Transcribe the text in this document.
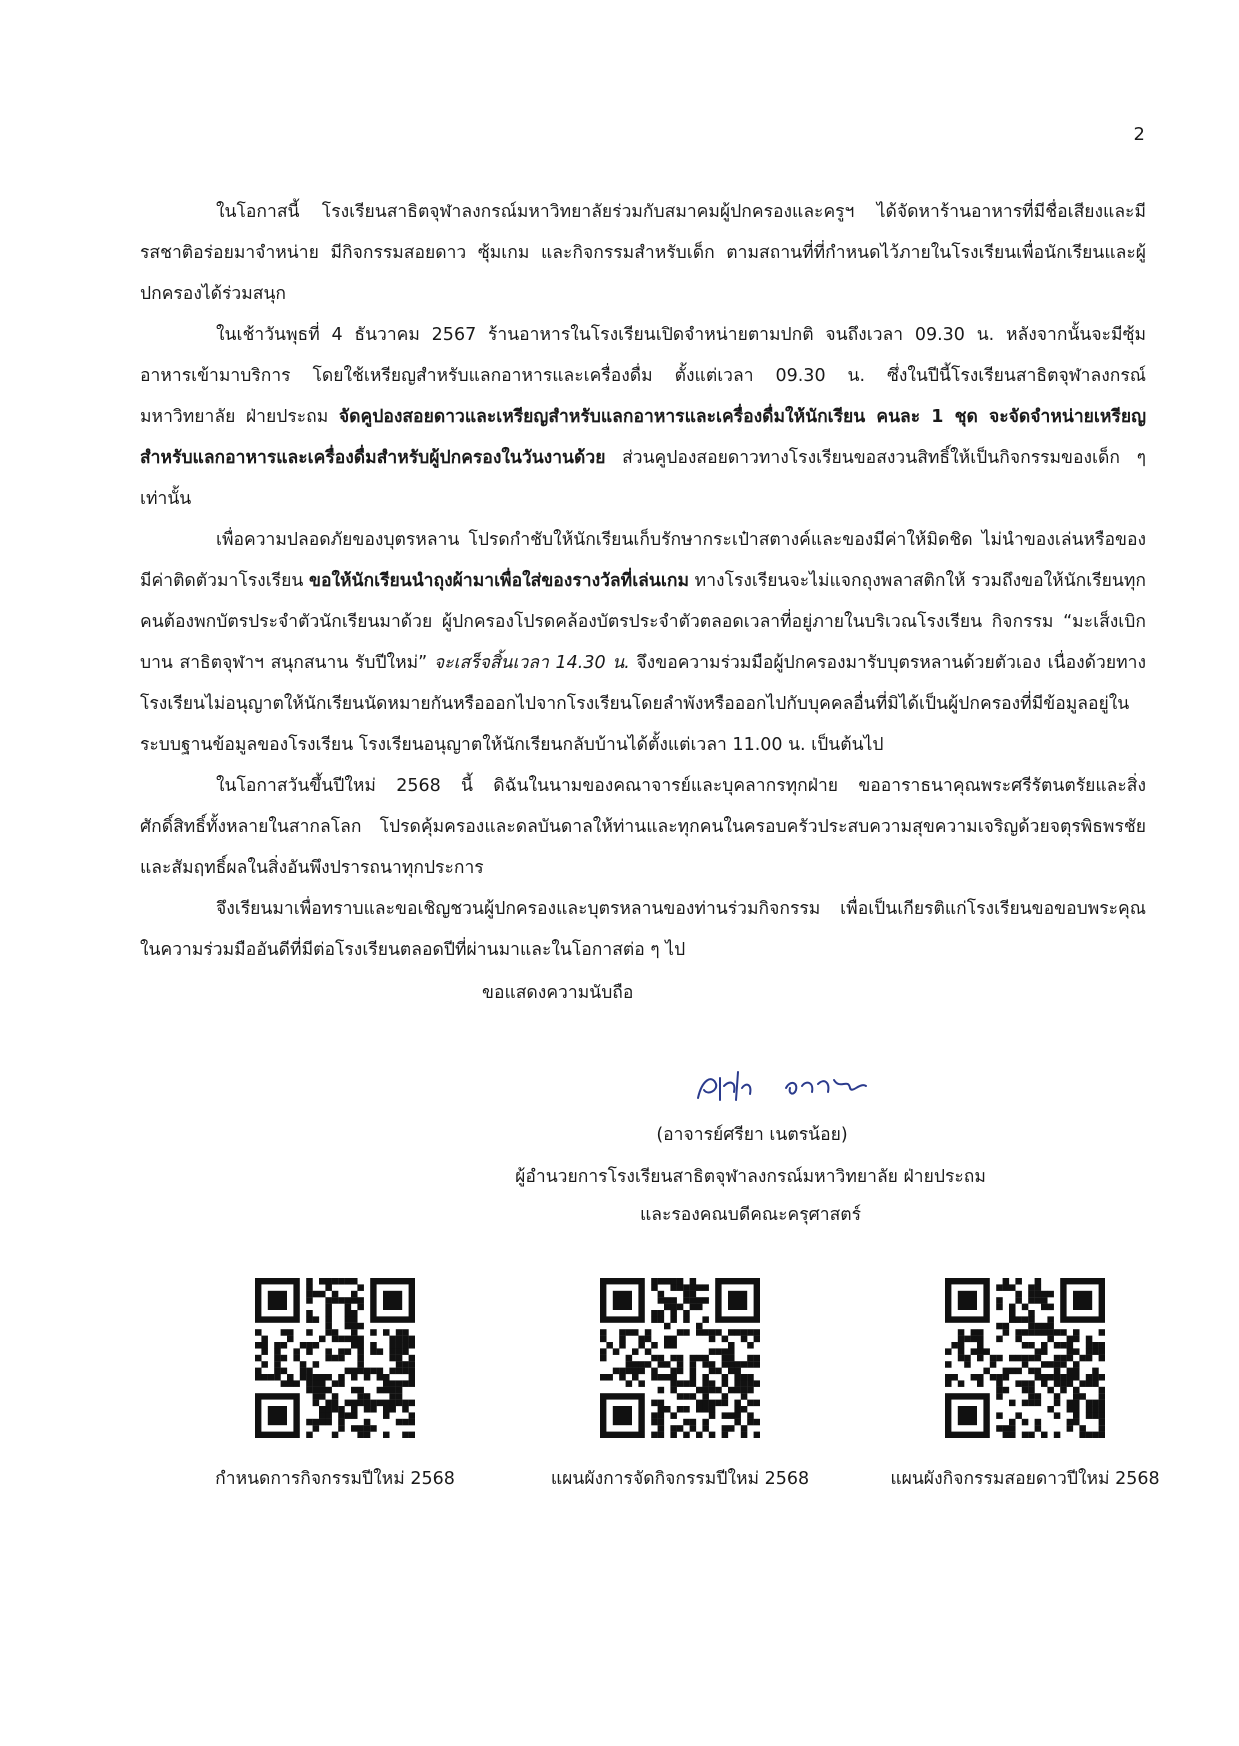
2

ในโอกาสนี้ โรงเรียนสาธิตจุฬาลงกรณ์มหาวิทยาลัยร่วมกับสมาคมผู้ปกครองและครูฯ ได้จัดหาร้านอาหารที่มีชื่อเสียงและมีรสชาติอร่อยมาจำหน่าย มีกิจกรรมสอยดาว ซุ้มเกม และกิจกรรมสำหรับเด็ก ตามสถานที่ที่กำหนดไว้ภายในโรงเรียนเพื่อนักเรียนและผู้ปกครองได้ร่วมสนุก

ในเช้าวันพุธที่ 4 ธันวาคม 2567 ร้านอาหารในโรงเรียนเปิดจำหน่ายตามปกติ จนถึงเวลา 09.30 น. หลังจากนั้นจะมีซุ้มอาหารเข้ามาบริการ โดยใช้เหรียญสำหรับแลกอาหารและเครื่องดื่ม ตั้งแต่เวลา 09.30 น. ซึ่งในปีนี้โรงเรียนสาธิตจุฬาลงกรณ์มหาวิทยาลัย ฝ่ายประถม จัดคูปองสอยดาวและเหรียญสำหรับแลกอาหารและเครื่องดื่มให้นักเรียน คนละ 1 ชุด จะจัดจำหน่ายเหรียญสำหรับแลกอาหารและเครื่องดื่มสำหรับผู้ปกครองในวันงานด้วย ส่วนคูปองสอยดาวทางโรงเรียนขอสงวนสิทธิ์ให้เป็นกิจกรรมของเด็ก ๆ เท่านั้น

เพื่อความปลอดภัยของบุตรหลาน โปรดกำชับให้นักเรียนเก็บรักษากระเป๋าสตางค์และของมีค่าให้มิดชิด ไม่นำของเล่นหรือของมีค่าติดตัวมาโรงเรียน ขอให้นักเรียนนำถุงผ้ามาเพื่อใส่ของรางวัลที่เล่นเกม ทางโรงเรียนจะไม่แจกถุงพลาสติกให้ รวมถึงขอให้นักเรียนทุกคนต้องพกบัตรประจำตัวนักเรียนมาด้วย ผู้ปกครองโปรดคล้องบัตรประจำตัวตลอดเวลาที่อยู่ภายในบริเวณโรงเรียน กิจกรรม “มะเส็งเบิกบาน สาธิตจุฬาฯ สนุกสนาน รับปีใหม่” จะเสร็จสิ้นเวลา 14.30 น. จึงขอความร่วมมือผู้ปกครองมารับบุตรหลานด้วยตัวเอง เนื่องด้วยทางโรงเรียนไม่อนุญาตให้นักเรียนนัดหมายกันหรือออกไปจากโรงเรียนโดยลำพังหรือออกไปกับบุคคลอื่นที่มิได้เป็นผู้ปกครองที่มีข้อมูลอยู่ในระบบฐานข้อมูลของโรงเรียน โรงเรียนอนุญาตให้นักเรียนกลับบ้านได้ตั้งแต่เวลา 11.00 น. เป็นต้นไป

ในโอกาสวันขึ้นปีใหม่ 2568 นี้ ดิฉันในนามของคณาจารย์และบุคลากรทุกฝ่าย ขออาราธนาคุณพระศรีรัตนตรัยและสิ่งศักดิ์สิทธิ์ทั้งหลายในสากลโลก โปรดคุ้มครองและดลบันดาลให้ท่านและทุกคนในครอบครัวประสบความสุขความเจริญด้วยจตุรพิธพรชัยและสัมฤทธิ์ผลในสิ่งอันพึงปรารถนาทุกประการ

จึงเรียนมาเพื่อทราบและขอเชิญชวนผู้ปกครองและบุตรหลานของท่านร่วมกิจกรรม เพื่อเป็นเกียรติแก่โรงเรียนขอขอบพระคุณในความร่วมมืออันดีที่มีต่อโรงเรียนตลอดปีที่ผ่านมาและในโอกาสต่อ ๆ ไป

ขอแสดงความนับถือ
(อาจารย์ศรียา เนตรน้อย)
ผู้อำนวยการโรงเรียนสาธิตจุฬาลงกรณ์มหาวิทยาลัย ฝ่ายประถม
และรองคณบดีคณะครุศาสตร์
กำหนดการกิจกรรมปีใหม่ 2568	แผนผังการจัดกิจกรรมปีใหม่ 2568	แผนผังกิจกรรมสอยดาวปีใหม่ 2568
